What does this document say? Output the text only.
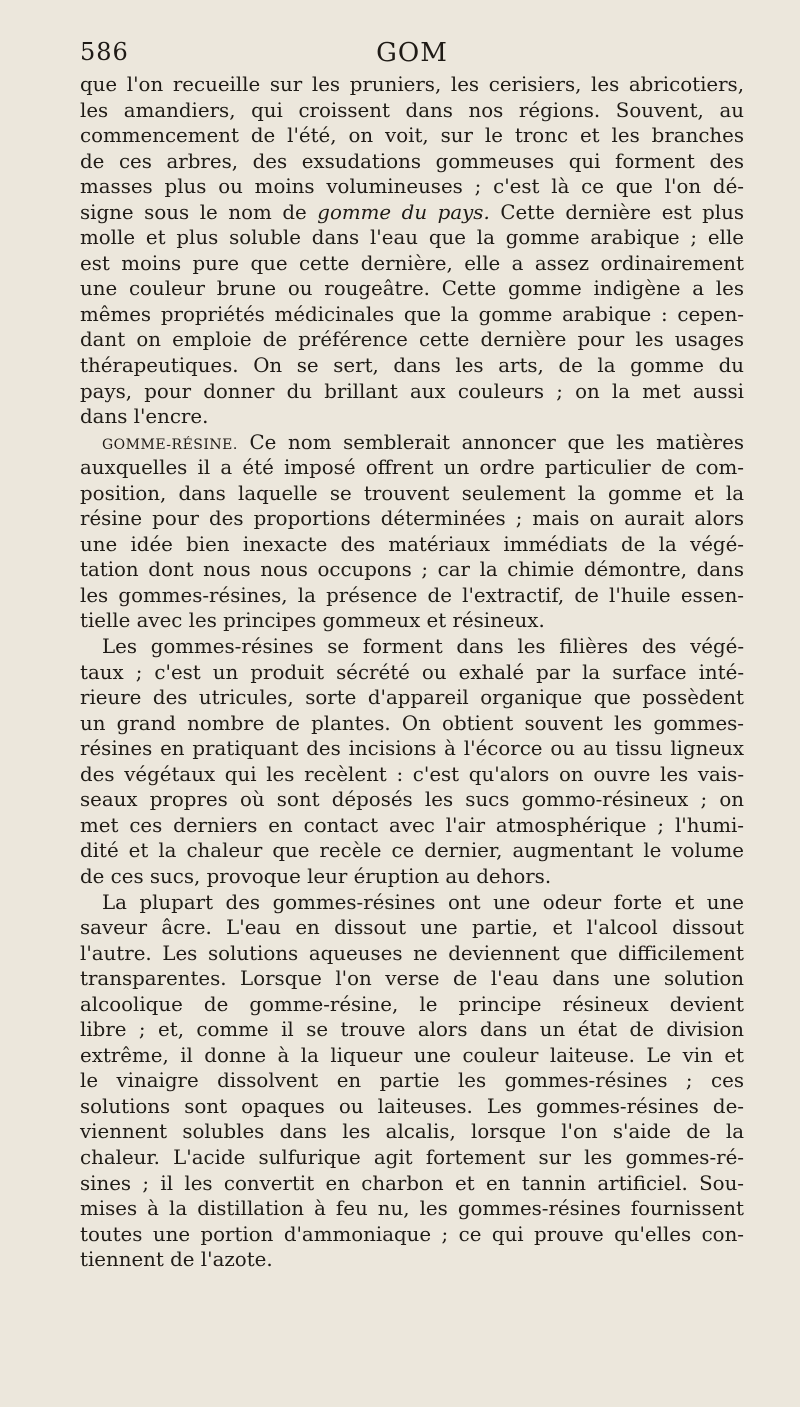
586	GOM
que l'on recueille sur les pruniers, les cerisiers, les abricotiers,
les amandiers, qui croissent dans nos régions. Souvent, au
commencement de l'été, on voit, sur le tronc et les branches
de ces arbres, des exsudations gommeuses qui forment des
masses plus ou moins volumineuses ; c'est là ce que l'on dé-
signe sous le nom de gomme du pays. Cette dernière est plus
molle et plus soluble dans l'eau que la gomme arabique ; elle
est moins pure que cette dernière, elle a assez ordinairement
une couleur brune ou rougeâtre. Cette gomme indigène a les
mêmes propriétés médicinales que la gomme arabique : cepen-
dant on emploie de préférence cette dernière pour les usages
thérapeutiques. On se sert, dans les arts, de la gomme du
pays, pour donner du brillant aux couleurs ; on la met aussi
dans l'encre.
GOMME-RÉSINE. Ce nom semblerait annoncer que les matières
auxquelles il a été imposé offrent un ordre particulier de com-
position, dans laquelle se trouvent seulement la gomme et la
résine pour des proportions déterminées ; mais on aurait alors
une idée bien inexacte des matériaux immédiats de la végé-
tation dont nous nous occupons ; car la chimie démontre, dans
les gommes-résines, la présence de l'extractif, de l'huile essen-
tielle avec les principes gommeux et résineux.
Les gommes-résines se forment dans les filières des végé-
taux ; c'est un produit sécrété ou exhalé par la surface inté-
rieure des utricules, sorte d'appareil organique que possèdent
un grand nombre de plantes. On obtient souvent les gommes-
résines en pratiquant des incisions à l'écorce ou au tissu ligneux
des végétaux qui les recèlent : c'est qu'alors on ouvre les vais-
seaux propres où sont déposés les sucs gommo-résineux ; on
met ces derniers en contact avec l'air atmosphérique ; l'humi-
dité et la chaleur que recèle ce dernier, augmentant le volume
de ces sucs, provoque leur éruption au dehors.
La plupart des gommes-résines ont une odeur forte et une
saveur âcre. L'eau en dissout une partie, et l'alcool dissout
l'autre. Les solutions aqueuses ne deviennent que difficilement
transparentes. Lorsque l'on verse de l'eau dans une solution
alcoolique de gomme-résine, le principe résineux devient
libre ; et, comme il se trouve alors dans un état de division
extrême, il donne à la liqueur une couleur laiteuse. Le vin et
le vinaigre dissolvent en partie les gommes-résines ; ces
solutions sont opaques ou laiteuses. Les gommes-résines de-
viennent solubles dans les alcalis, lorsque l'on s'aide de la
chaleur. L'acide sulfurique agit fortement sur les gommes-ré-
sines ; il les convertit en charbon et en tannin artificiel. Sou-
mises à la distillation à feu nu, les gommes-résines fournissent
toutes une portion d'ammoniaque ; ce qui prouve qu'elles con-
tiennent de l'azote.
